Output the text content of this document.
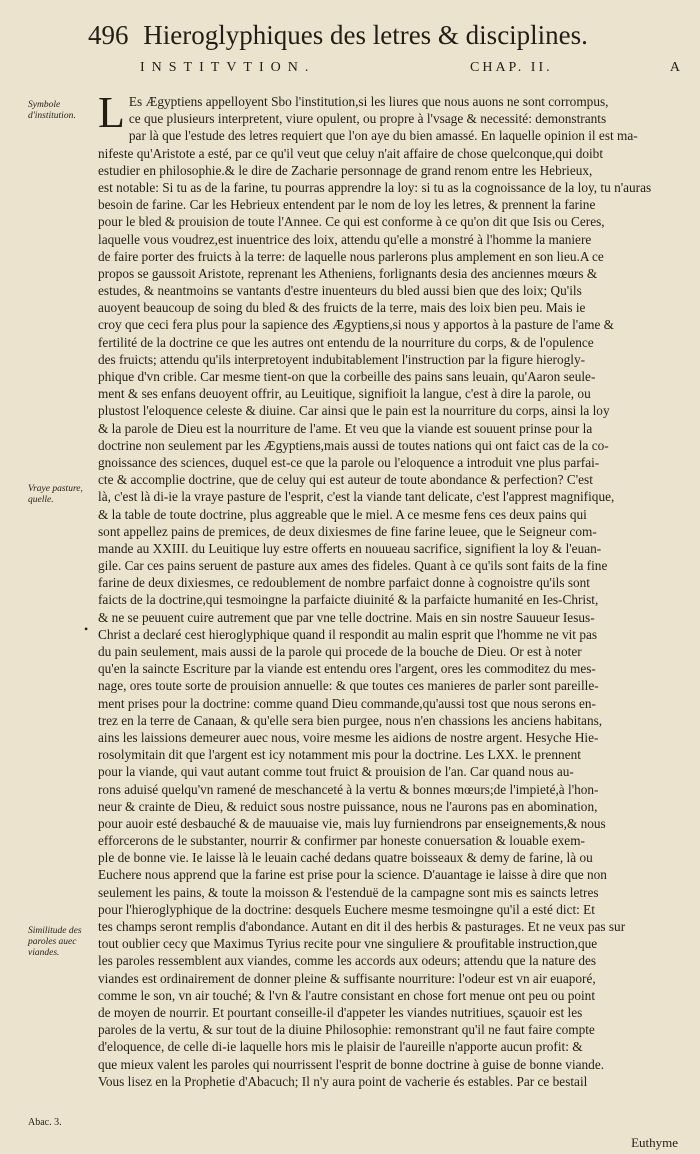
496 Hieroglyphiques des letres & disciplines.
INSTITVTION.	CHAP. II.	A
Symbole d'institution.
Vraye pasture, quelle.
Similitude des paroles auec viandes.
Abac. 3.
•
L Es Ægyptiens appelloyent Sbo l'institution,si les liures que nous auons ne sont corrompus,
ce que plusieurs interpretent, viure opulent, ou propre à l'vsage & necessité: demonstrants
par là que l'estude des letres requiert que l'on aye du bien amassé. En laquelle opinion il est ma-
nifeste qu'Aristote a esté, par ce qu'il veut que celuy n'ait affaire de chose quelconque,qui doibt
estudier en philosophie.& le dire de Zacharie personnage de grand renom entre les Hebrieux,
est notable: Si tu as de la farine, tu pourras apprendre la loy: si tu as la cognoissance de la loy, tu n'auras
besoin de farine. Car les Hebrieux entendent par le nom de loy les letres, & prennent la farine
pour le bled & prouision de toute l'Annee. Ce qui est conforme à ce qu'on dit que Isis ou Ceres,
laquelle vous voudrez,est inuentrice des loix, attendu qu'elle a monstré à l'homme la maniere
de faire porter des fruicts à la terre: de laquelle nous parlerons plus amplement en son lieu.A ce
propos se gaussoit Aristote, reprenant les Atheniens, forlignants desia des anciennes mœurs &
estudes, & neantmoins se vantants d'estre inuenteurs du bled aussi bien que des loix; Qu'ils
auoyent beaucoup de soing du bled & des fruicts de la terre, mais des loix bien peu. Mais ie
croy que ceci fera plus pour la sapience des Ægyptiens,si nous y apportos à la pasture de l'ame &
fertilité de la doctrine ce que les autres ont entendu de la nourriture du corps, & de l'opulence
des fruicts; attendu qu'ils interpretoyent indubitablement l'instruction par la figure hierogly-
phique d'vn crible. Car mesme tient-on que la corbeille des pains sans leuain, qu'Aaron seule-
ment & ses enfans deuoyent offrir, au Leuitique, signifioit la langue, c'est à dire la parole, ou
plustost l'eloquence celeste & diuine. Car ainsi que le pain est la nourriture du corps, ainsi la loy
& la parole de Dieu est la nourriture de l'ame. Et veu que la viande est souuent prinse pour la
doctrine non seulement par les Ægyptiens,mais aussi de toutes nations qui ont faict cas de la co-
gnoissance des sciences, duquel est-ce que la parole ou l'eloquence a introduit vne plus parfai-
cte & accomplie doctrine, que de celuy qui est auteur de toute abondance & perfection? C'est
là, c'est là di-ie la vraye pasture de l'esprit, c'est la viande tant delicate, c'est l'apprest magnifique,
& la table de toute doctrine, plus aggreable que le miel. A ce mesme fens ces deux pains qui
sont appellez pains de premices, de deux dixiesmes de fine farine leuee, que le Seigneur com-
mande au XXIII. du Leuitique luy estre offerts en nouueau sacrifice, signifient la loy & l'euan-
gile. Car ces pains seruent de pasture aux ames des fideles. Quant à ce qu'ils sont faits de la fine
farine de deux dixiesmes, ce redoublement de nombre parfaict donne à cognoistre qu'ils sont
faicts de la doctrine,qui tesmoingne la parfaicte diuinité & la parfaicte humanité en Ies-Christ,
& ne se peuuent cuire autrement que par vne telle doctrine. Mais en sin nostre Sauueur Iesus-
Christ a declaré cest hieroglyphique quand il respondit au malin esprit que l'homme ne vit pas
du pain seulement, mais aussi de la parole qui procede de la bouche de Dieu. Or est à noter
qu'en la saincte Escriture par la viande est entendu ores l'argent, ores les commoditez du mes-
nage, ores toute sorte de prouision annuelle: & que toutes ces manieres de parler sont pareille-
ment prises pour la doctrine: comme quand Dieu commande,qu'aussi tost que nous serons en-
trez en la terre de Canaan, & qu'elle sera bien purgee, nous n'en chassions les anciens habitans,
ains les laissions demeurer auec nous, voire mesme les aidions de nostre argent. Hesyche Hie-
rosolymitain dit que l'argent est icy notamment mis pour la doctrine. Les LXX. le prennent
pour la viande, qui vaut autant comme tout fruict & prouision de l'an. Car quand nous au-
rons aduisé quelqu'vn ramené de meschanceté à la vertu & bonnes mœurs;de l'impieté,à l'hon-
neur & crainte de Dieu, & reduict sous nostre puissance, nous ne l'aurons pas en abomination,
pour auoir esté desbauché & de mauuaise vie, mais luy furniendrons par enseignements,& nous
efforcerons de le substanter, nourrir & confirmer par honeste conuersation & louable exem-
ple de bonne vie. Ie laisse là le leuain caché dedans quatre boisseaux & demy de farine, là ou
Euchere nous apprend que la farine est prise pour la science. D'auantage ie laisse à dire que non
seulement les pains, & toute la moisson & l'estenduë de la campagne sont mis es saincts letres
pour l'hieroglyphique de la doctrine: desquels Euchere mesme tesmoingne qu'il a esté dict: Et
tes champs seront remplis d'abondance. Autant en dit il des herbis & pasturages. Et ne veux pas sur
tout oublier cecy que Maximus Tyrius recite pour vne singuliere & proufitable instruction,que
les paroles ressemblent aux viandes, comme les accords aux odeurs; attendu que la nature des
viandes est ordinairement de donner pleine & suffisante nourriture: l'odeur est vn air euaporé,
comme le son, vn air touché; & l'vn & l'autre consistant en chose fort menue ont peu ou point
de moyen de nourrir. Et pourtant conseille-il d'appeter les viandes nutritiues, sçauoir est les
paroles de la vertu, & sur tout de la diuine Philosophie: remonstrant qu'il ne faut faire compte
d'eloquence, de celle di-ie laquelle hors mis le plaisir de l'aureille n'apporte aucun profit: &
que mieux valent les paroles qui nourrissent l'esprit de bonne doctrine à guise de bonne viande.
Vous lisez en la Prophetie d'Abacuch; Il n'y aura point de vacherie és estables. Par ce bestail
Euthyme
